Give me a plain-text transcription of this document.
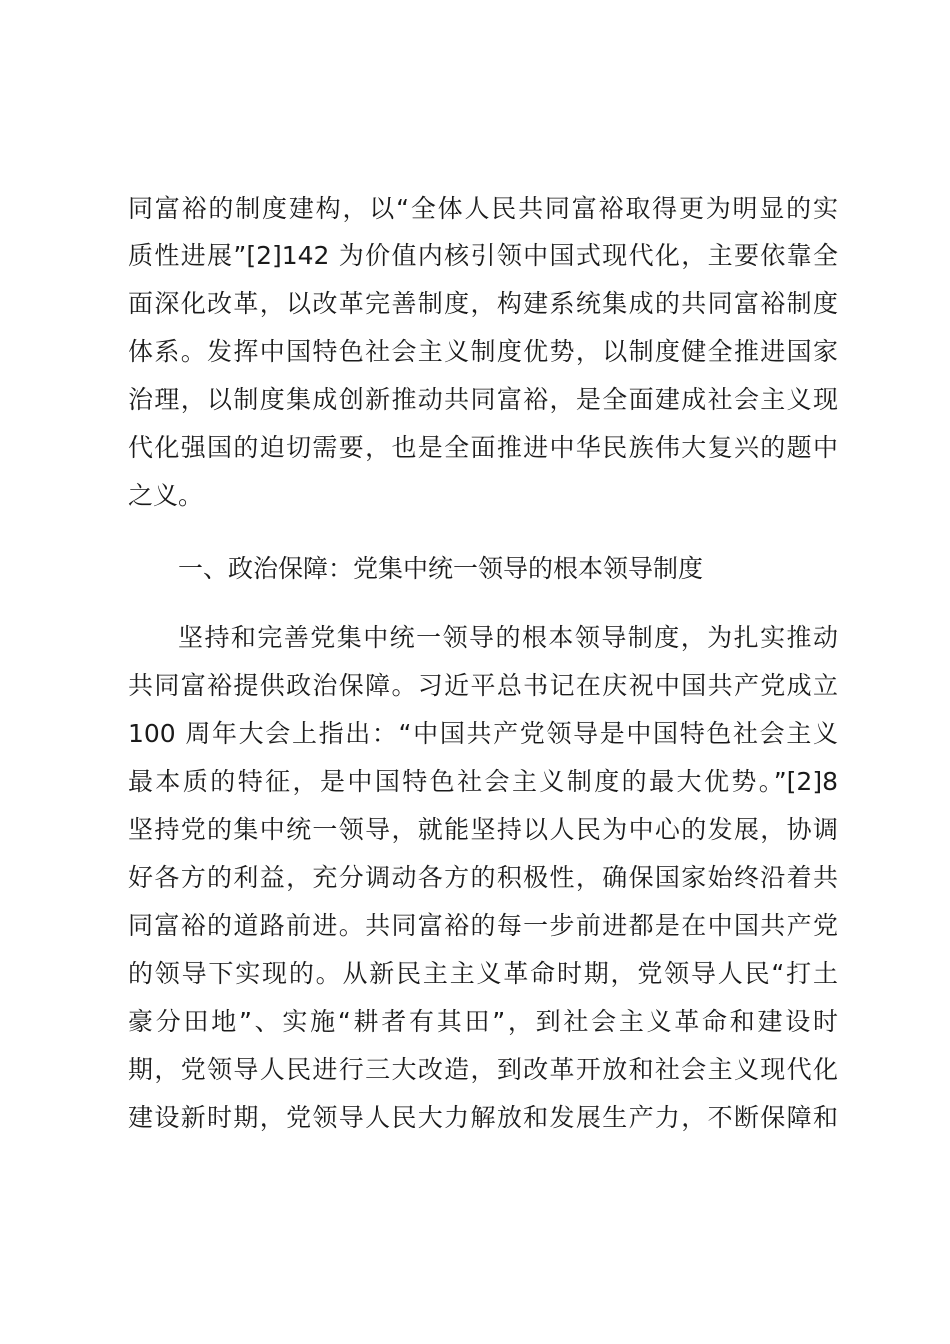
同富裕的制度建构，以“全体人民共同富裕取得更为明显的实
质性进展”[2]142 为价值内核引领中国式现代化，主要依靠全
面深化改革，以改革完善制度，构建系统集成的共同富裕制度
体系。发挥中国特色社会主义制度优势，以制度健全推进国家
治理，以制度集成创新推动共同富裕，是全面建成社会主义现
代化强国的迫切需要，也是全面推进中华民族伟大复兴的题中
之义。
一、政治保障：党集中统一领导的根本领导制度
坚持和完善党集中统一领导的根本领导制度，为扎实推动
共同富裕提供政治保障。习近平总书记在庆祝中国共产党成立
100 周年大会上指出：“中国共产党领导是中国特色社会主义
最本质的特征，是中国特色社会主义制度的最大优势。”[2]8
坚持党的集中统一领导，就能坚持以人民为中心的发展，协调
好各方的利益，充分调动各方的积极性，确保国家始终沿着共
同富裕的道路前进。共同富裕的每一步前进都是在中国共产党
的领导下实现的。从新民主主义革命时期，党领导人民“打土
豪分田地”、实施“耕者有其田”，到社会主义革命和建设时
期，党领导人民进行三大改造，到改革开放和社会主义现代化
建设新时期，党领导人民大力解放和发展生产力，不断保障和
